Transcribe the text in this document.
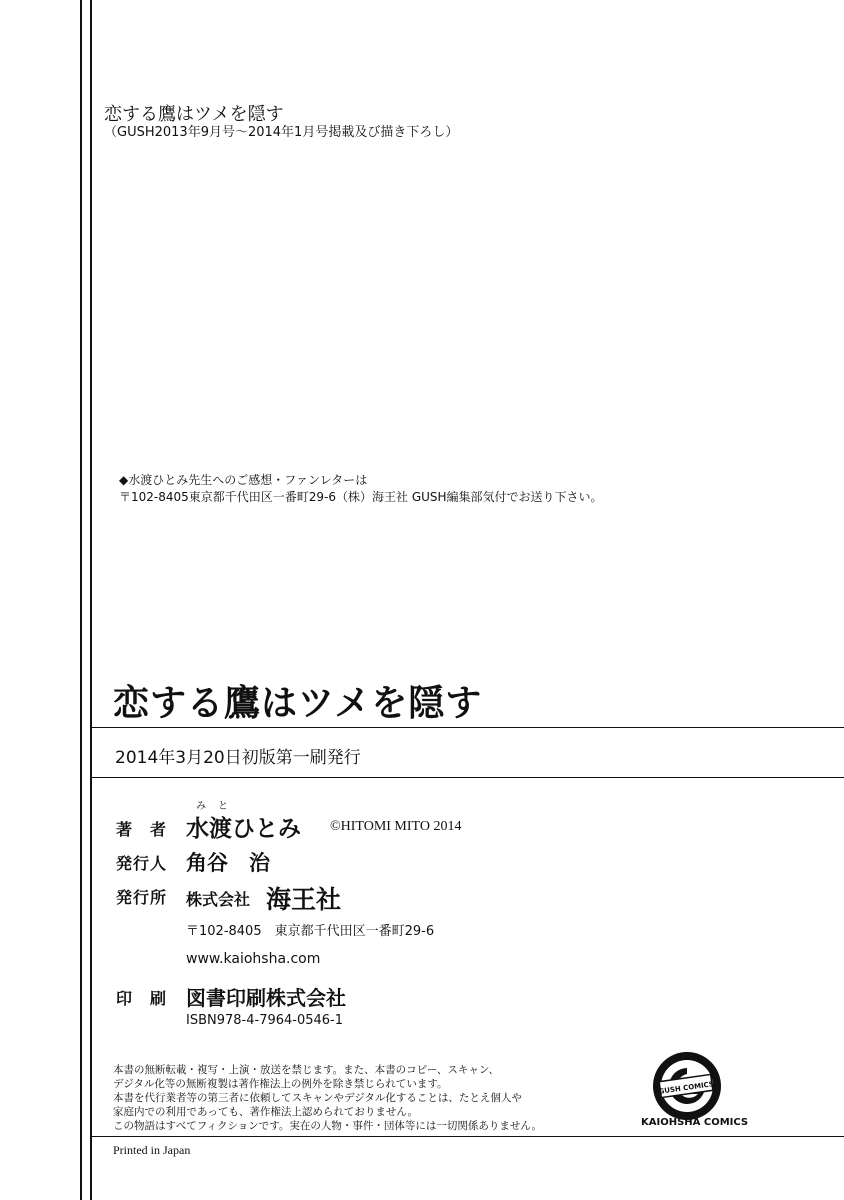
恋する鷹はツメを隠す
（GUSH2013年9月号〜2014年1月号掲載及び描き下ろし）
◆水渡ひとみ先生へのご感想・ファンレターは
〒102-8405東京都千代田区一番町29-6（株）海王社 GUSH編集部気付でお送り下さい。
恋する鷹はツメを隠す
2014年3月20日初版第一刷発行
著　者
みと
水渡ひとみ ©HITOMI MITO 2014
発行人 角谷　治
発行所 株式会社 海王社
〒102-8405　東京都千代田区一番町29-6
www.kaiohsha.com
印　刷 図書印刷株式会社
ISBN978-4-7964-0546-1
本書の無断転載・複写・上演・放送を禁じます。また、本書のコピー、スキャン、
デジタル化等の無断複製は著作権法上の例外を除き禁じられています。
本書を代行業者等の第三者に依頼してスキャンやデジタル化することは、たとえ個人や
家庭内での利用であっても、著作権法上認められておりません。
この物語はすべてフィクションです。実在の人物・事件・団体等には一切関係ありません。
Printed in Japan
GUSH COMICS
KAIOHSHA COMICS
